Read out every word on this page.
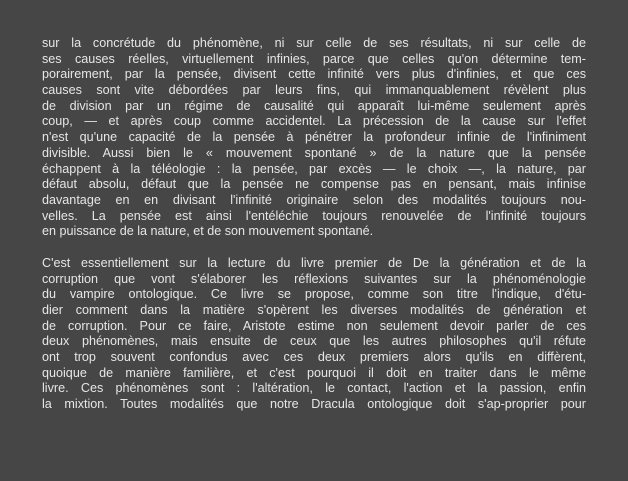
sur la concrétude du phénomène, ni sur celle de ses résultats, ni sur celle de
ses causes réelles, virtuellement infinies, parce que celles qu'on détermine tem-
porairement, par la pensée, divisent cette infinité vers plus d'infinies, et que ces
causes sont vite débordées par leurs fins, qui immanquablement révèlent plus
de division par un régime de causalité qui apparaît lui-même seulement après
coup, — et après coup comme accidentel. La précession de la cause sur l'effet
n'est qu'une capacité de la pensée à pénétrer la profondeur infinie de l'infiniment
divisible. Aussi bien le « mouvement spontané » de la nature que la pensée
échappent à la téléologie : la pensée, par excès — le choix —, la nature, par
défaut absolu, défaut que la pensée ne compense pas en pensant, mais infinise
davantage en en divisant l'infinité originaire selon des modalités toujours nou-
velles. La pensée est ainsi l'entéléchie toujours renouvelée de l'infinité toujours
en puissance de la nature, et de son mouvement spontané.
C'est essentiellement sur la lecture du livre premier de De la génération et de la
corruption que vont s'élaborer les réflexions suivantes sur la phénoménologie
du vampire ontologique. Ce livre se propose, comme son titre l'indique, d'étu-
dier comment dans la matière s'opèrent les diverses modalités de génération et
de corruption. Pour ce faire, Aristote estime non seulement devoir parler de ces
deux phénomènes, mais ensuite de ceux que les autres philosophes qu'il réfute
ont trop souvent confondus avec ces deux premiers alors qu'ils en diffèrent,
quoique de manière familière, et c'est pourquoi il doit en traiter dans le même
livre. Ces phénomènes sont : l'altération, le contact, l'action et la passion, enfin
la mixtion. Toutes modalités que notre Dracula ontologique doit s'ap-proprier pour
